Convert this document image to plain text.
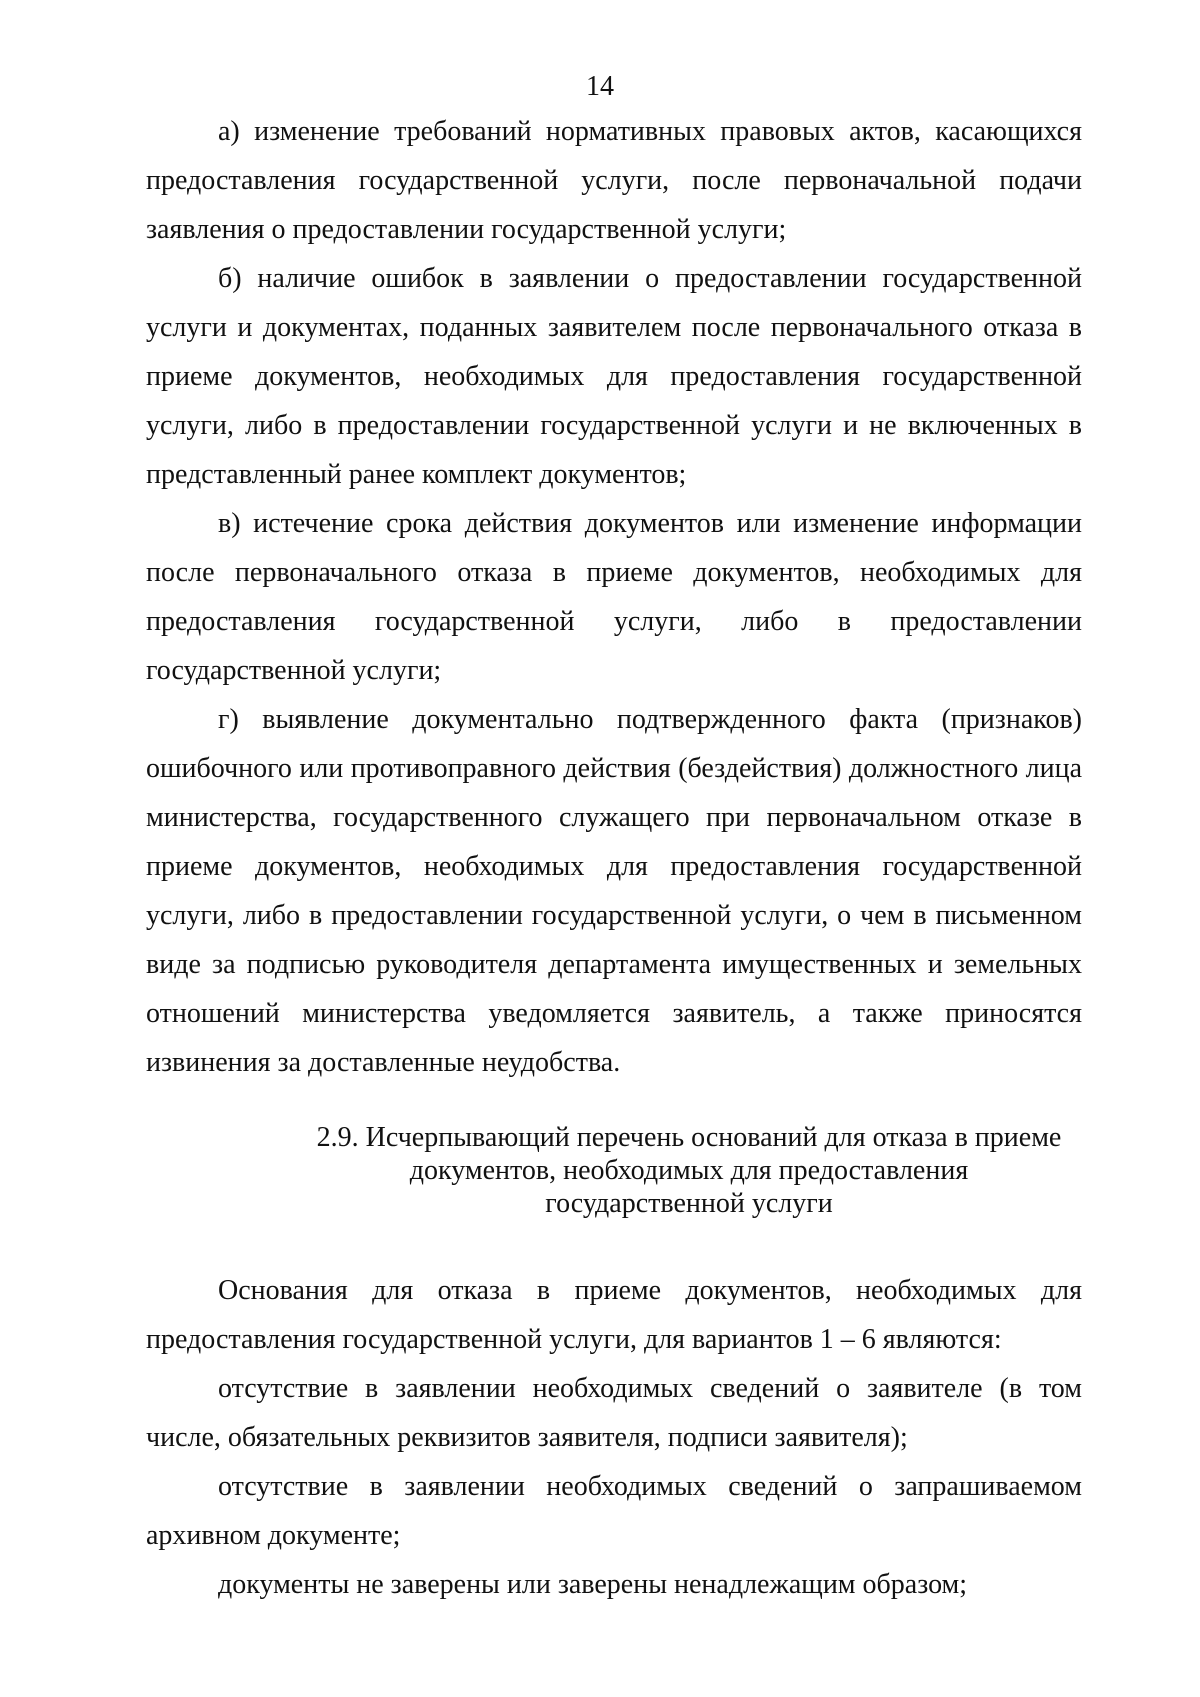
14

а) изменение требований нормативных правовых актов, касающихся предоставления государственной услуги, после первоначальной подачи заявления о предоставлении государственной услуги;

б) наличие ошибок в заявлении о предоставлении государственной услуги и документах, поданных заявителем после первоначального отказа в приеме документов, необходимых для предоставления государственной услуги, либо в предоставлении государственной услуги и не включенных в представленный ранее комплект документов;

в) истечение срока действия документов или изменение информации после первоначального отказа в приеме документов, необходимых для предоставления государственной услуги, либо в предоставлении государственной услуги;

г) выявление документально подтвержденного факта (признаков) ошибочного или противоправного действия (бездействия) должностного лица министерства, государственного служащего при первоначальном отказе в приеме документов, необходимых для предоставления государственной услуги, либо в предоставлении государственной услуги, о чем в письменном виде за подписью руководителя департамента имущественных и земельных отношений министерства уведомляется заявитель, а также приносятся извинения за доставленные неудобства.

2.9. Исчерпывающий перечень оснований для отказа в приеме
документов, необходимых для предоставления
государственной услуги

Основания для отказа в приеме документов, необходимых для предоставления государственной услуги, для вариантов 1 – 6 являются:

отсутствие в заявлении необходимых сведений о заявителе (в том числе, обязательных реквизитов заявителя, подписи заявителя);

отсутствие в заявлении необходимых сведений о запрашиваемом архивном документе;

документы не заверены или заверены ненадлежащим образом;
